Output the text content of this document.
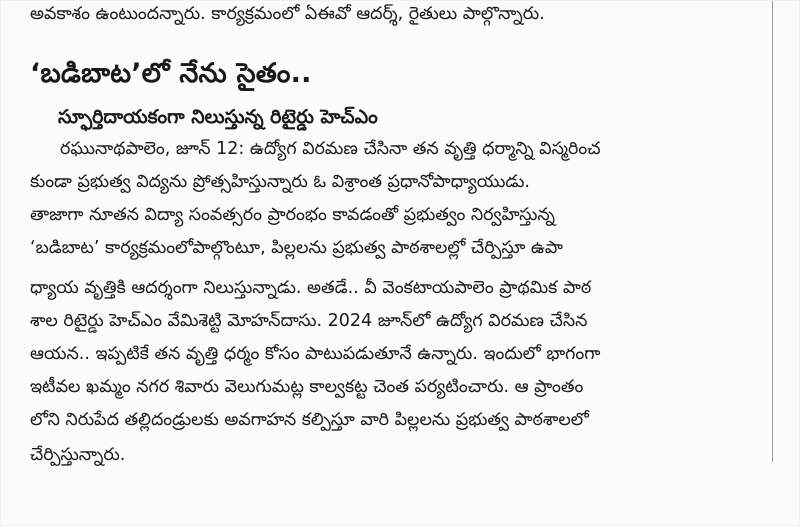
అవకాశం ఉంటుందన్నారు. కార్యక్రమంలో ఏఈవో ఆదర్శ్, రైతులు పాల్గొన్నారు.
‘బడిబాట’లో నేను సైతం..
స్ఫూర్తిదాయకంగా నిలుస్తున్న రిటైర్డు హెచ్‌ఎం
రఘునాథపాలెం, జూన్ 12: ఉద్యోగ విరమణ చేసినా తన వృత్తి ధర్మాన్ని విస్మరించ
కుండా ప్రభుత్వ విద్యను ప్రోత్సహిస్తున్నారు ఓ విశ్రాంత ప్రధానోపాధ్యాయుడు.
తాజాగా నూతన విద్యా సంవత్సరం ప్రారంభం కావడంతో ప్రభుత్వం నిర్వహిస్తున్న
‘బడిబాట’ కార్యక్రమంలోపాల్గొంటూ, పిల్లలను ప్రభుత్వ పాఠశాలల్లో చేర్పిస్తూ ఉపా
ధ్యాయ వృత్తికి ఆదర్శంగా నిలుస్తున్నాడు. అతడే.. వీ వెంకటాయపాలెం ప్రాథమిక పాఠ
శాల రిటైర్డు హెచ్‌ఎం వేమిశెట్టి మోహన్‌దాసు. 2024 జూన్‌లో ఉద్యోగ విరమణ చేసిన
ఆయన.. ఇప్పటికే తన వృత్తి ధర్మం కోసం పాటుపడుతూనే ఉన్నారు. ఇందులో భాగంగా
ఇటీవల ఖమ్మం నగర శివారు వెలుగుమట్ల కాల్వకట్ట చెంత పర్యటించారు. ఆ ప్రాంతం
లోని నిరుపేద తల్లిదండ్రులకు అవగాహన కల్పిస్తూ వారి పిల్లలను ప్రభుత్వ పాఠశాలలో
చేర్పిస్తున్నారు.
